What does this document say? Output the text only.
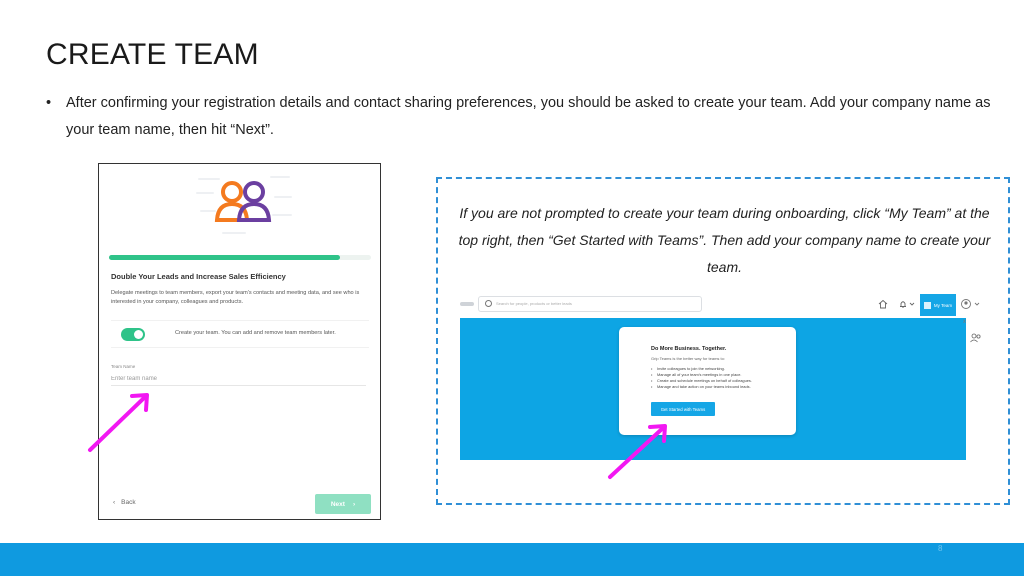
CREATE TEAM
•	After confirming your registration details and contact sharing preferences, you should be asked to create your team. Add your company name as your team name, then hit “Next”.
Double Your Leads and Increase Sales Efficiency
Delegate meetings to team members, export your team's contacts and meeting data, and see who is interested in your company, colleagues and products.
Create your team. You can add and remove team members later.
Team Name
Enter team name
‹ Back	Next ›
If you are not prompted to create your team during onboarding, click “My Team” at the top right, then “Get Started with Teams”. Then add your company name to create your team.
Search for people, products or better leads	My Team
x
Do More Business. Together.
Grip Teams is the better way for teams to:
• Invite colleagues to join the networking.
• Manage all of your team's meetings in one place.
• Create and schedule meetings on behalf of colleagues.
• Manage and take action on your teams inbound leads.
Get Started with Teams
8
